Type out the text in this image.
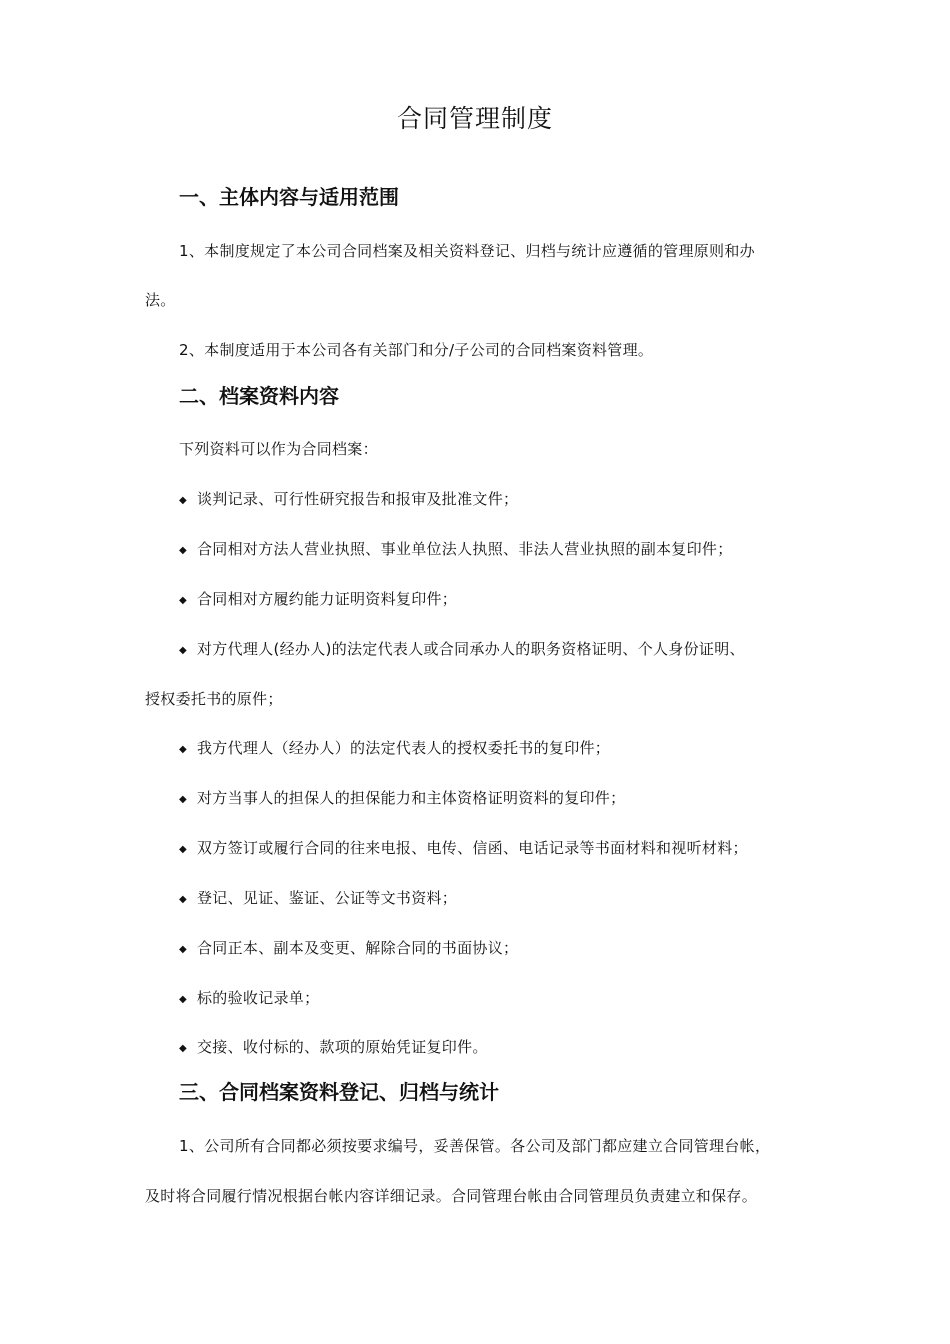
合同管理制度
一、主体内容与适用范围
1、本制度规定了本公司合同档案及相关资料登记、归档与统计应遵循的管理原则和办
法。
2、本制度适用于本公司各有关部门和分/子公司的合同档案资料管理。
二、档案资料内容
下列资料可以作为合同档案：
◆ 谈判记录、可行性研究报告和报审及批准文件；
◆ 合同相对方法人营业执照、事业单位法人执照、非法人营业执照的副本复印件；
◆ 合同相对方履约能力证明资料复印件；
◆ 对方代理人(经办人)的法定代表人或合同承办人的职务资格证明、个人身份证明、
授权委托书的原件；
◆ 我方代理人（经办人）的法定代表人的授权委托书的复印件；
◆ 对方当事人的担保人的担保能力和主体资格证明资料的复印件；
◆ 双方签订或履行合同的往来电报、电传、信函、电话记录等书面材料和视听材料；
◆ 登记、见证、鉴证、公证等文书资料；
◆ 合同正本、副本及变更、解除合同的书面协议；
◆ 标的验收记录单；
◆ 交接、收付标的、款项的原始凭证复印件。
三、合同档案资料登记、归档与统计
1、公司所有合同都必须按要求编号，妥善保管。各公司及部门都应建立合同管理台帐，
及时将合同履行情况根据台帐内容详细记录。合同管理台帐由合同管理员负责建立和保存。
